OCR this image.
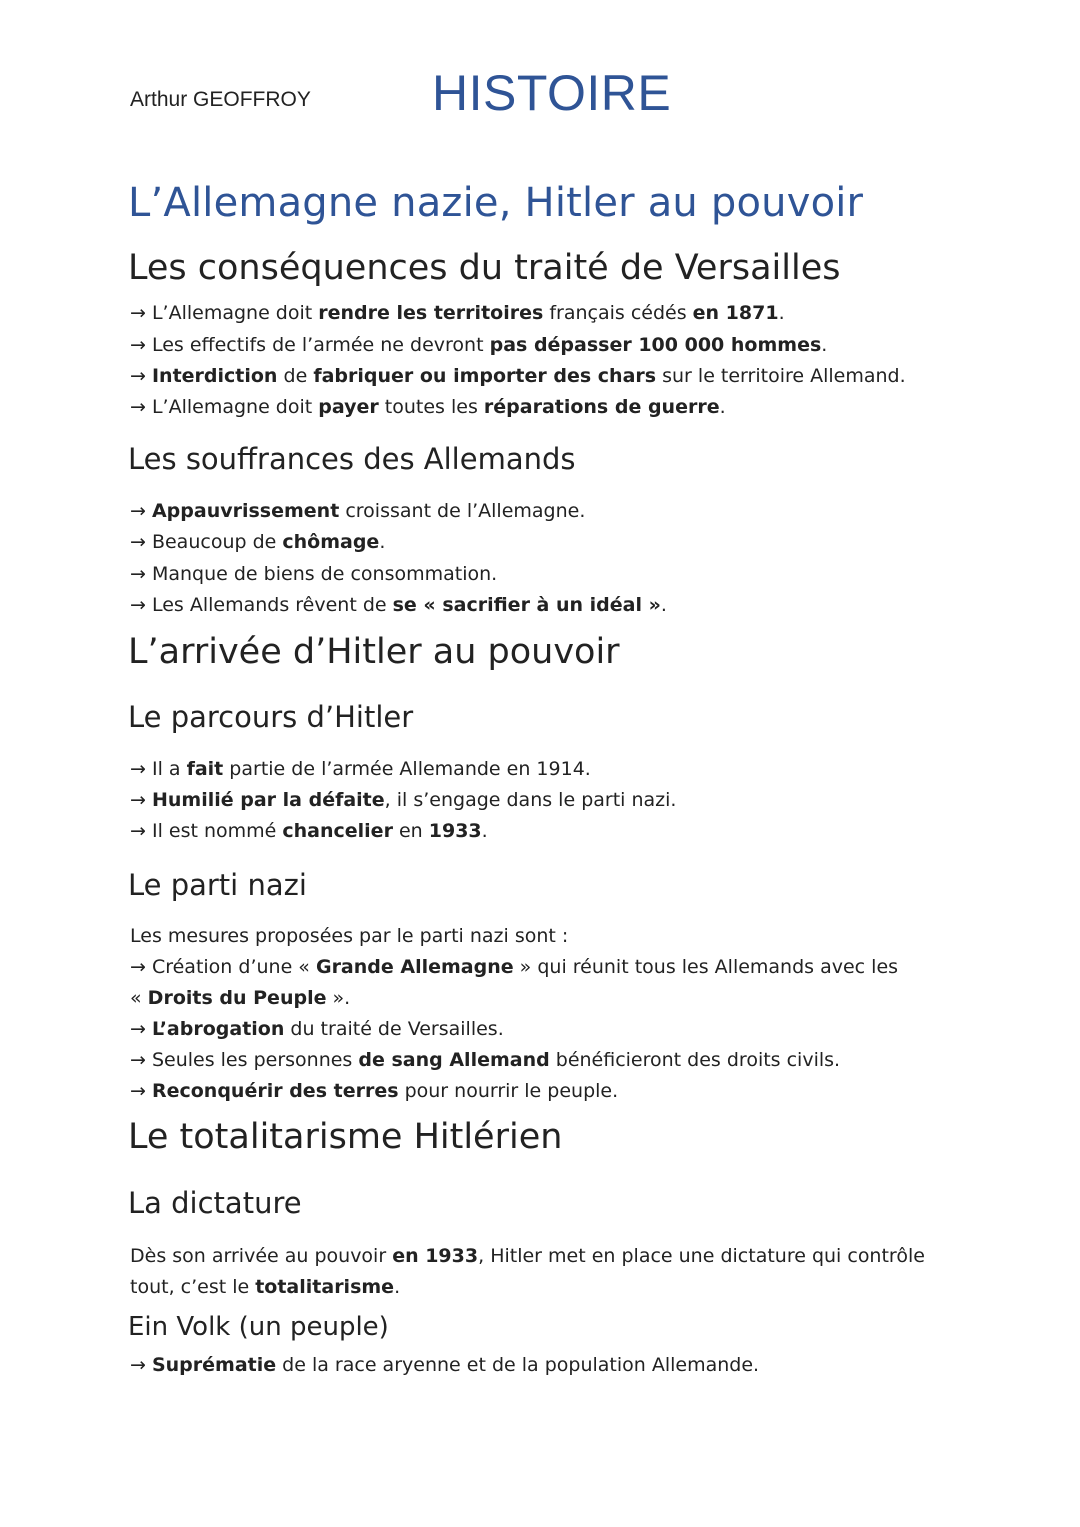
Arthur GEOFFROY HISTOIRE
L’Allemagne nazie, Hitler au pouvoir
Les conséquences du traité de Versailles
→ L’Allemagne doit rendre les territoires français cédés en 1871.
→ Les effectifs de l’armée ne devront pas dépasser 100 000 hommes.
→ Interdiction de fabriquer ou importer des chars sur le territoire Allemand.
→ L’Allemagne doit payer toutes les réparations de guerre.
Les souffrances des Allemands
→ Appauvrissement croissant de l’Allemagne.
→ Beaucoup de chômage.
→ Manque de biens de consommation.
→ Les Allemands rêvent de se « sacrifier à un idéal ».
L’arrivée d’Hitler au pouvoir
Le parcours d’Hitler
→ Il a fait partie de l’armée Allemande en 1914.
→ Humilié par la défaite, il s’engage dans le parti nazi.
→ Il est nommé chancelier en 1933.
Le parti nazi
Les mesures proposées par le parti nazi sont :
→ Création d’une « Grande Allemagne » qui réunit tous les Allemands avec les
« Droits du Peuple ».
→ L’abrogation du traité de Versailles.
→ Seules les personnes de sang Allemand bénéficieront des droits civils.
→ Reconquérir des terres pour nourrir le peuple.
Le totalitarisme Hitlérien
La dictature
Dès son arrivée au pouvoir en 1933, Hitler met en place une dictature qui contrôle
tout, c’est le totalitarisme.
Ein Volk (un peuple)
→ Suprématie de la race aryenne et de la population Allemande.
